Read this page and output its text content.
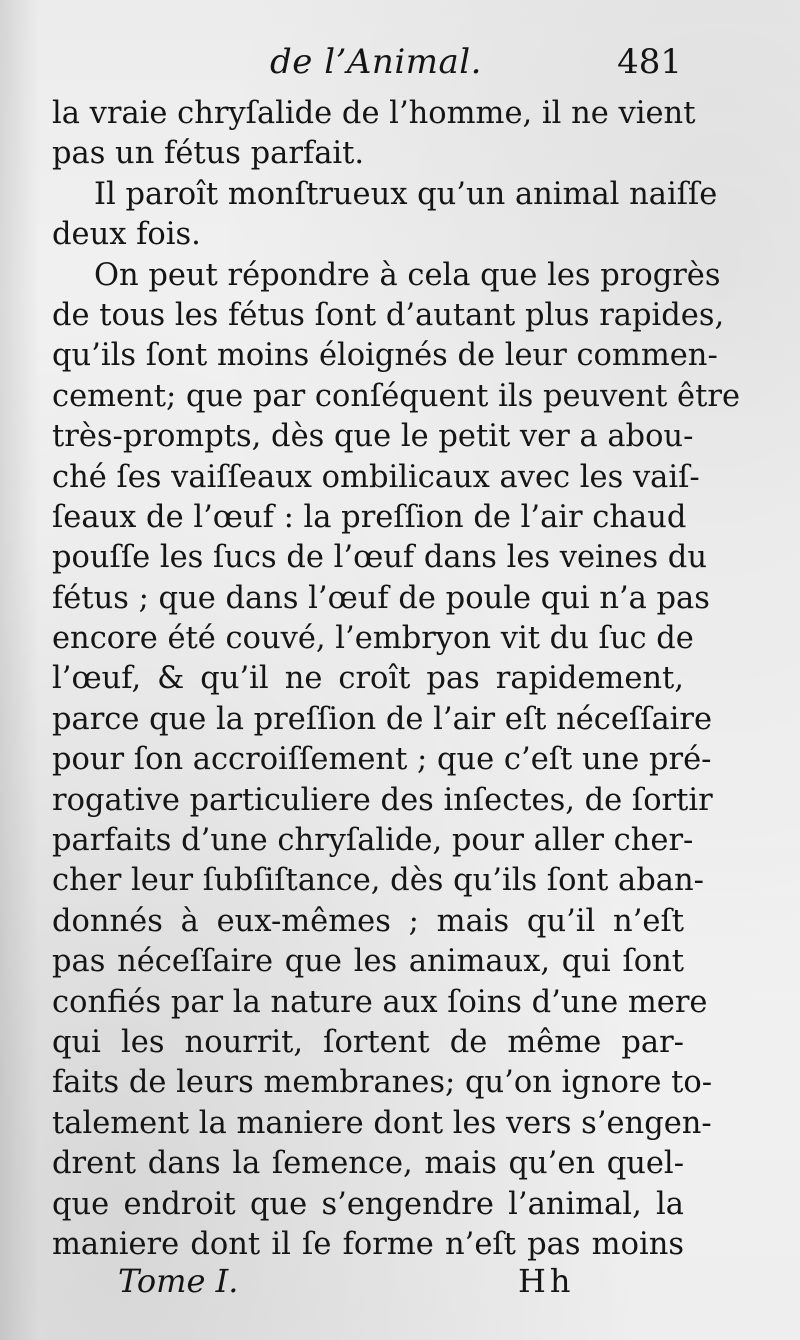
de l’Animal.	481
la vraie chryſalide de l’homme, il ne vient
pas un fétus parfait.
Il paroît monſtrueux qu’un animal naiſſe
deux fois.
On peut répondre à cela que les progrès
de tous les fétus ſont d’autant plus rapides,
qu’ils ſont moins éloignés de leur commen-
cement; que par conſéquent ils peuvent être
très-prompts, dès que le petit ver a abou-
ché ſes vaiſſeaux ombilicaux avec les vaiſ-
ſeaux de l’œuf : la preſſion de l’air chaud
pouſſe les ſucs de l’œuf dans les veines du
fétus ; que dans l’œuf de poule qui n’a pas
encore été couvé, l’embryon vit du ſuc de
l’œuf, & qu’il ne croît pas rapidement,
parce que la preſſion de l’air eſt néceſſaire
pour ſon accroiſſement ; que c’eſt une pré-
rogative particuliere des inſectes, de ſortir
parfaits d’une chryſalide, pour aller cher-
cher leur ſubſiſtance, dès qu’ils ſont aban-
donnés à eux-mêmes ; mais qu’il n’eſt
pas néceſſaire que les animaux, qui ſont
confiés par la nature aux ſoins d’une mere
qui les nourrit, ſortent de même par-
faits de leurs membranes; qu’on ignore to-
talement la maniere dont les vers s’engen-
drent dans la ſemence, mais qu’en quel-
que endroit que s’engendre l’animal, la
maniere dont il ſe forme n’eſt pas moins
Tome I.	Hh
